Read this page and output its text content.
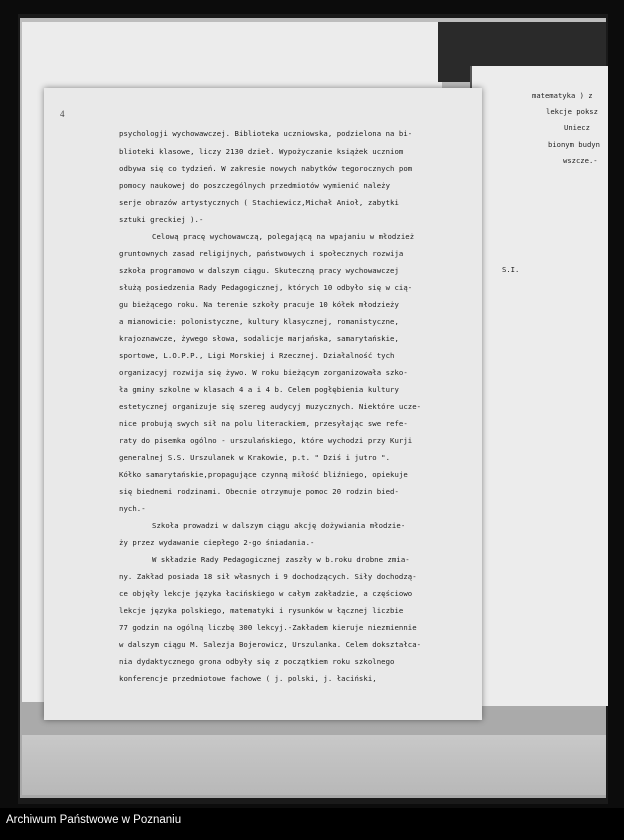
matematyka ) z
lekcje poksz
Uniecz
bionym budyn
wszcze.-
S.I.
4
psychologji wychowawczej. Biblioteka uczniowska, podzielona na bi-
blioteki klasowe, liczy 2130 dzieł. Wypożyczanie książek uczniom
odbywa się co tydzień. W zakresie nowych nabytków tegorocznych pom
pomocy naukowej do poszczególnych przedmiotów wymienić należy
serje obrazów artystycznych ( Stachiewicz,Michał Anioł, zabytki
sztuki greckiej ).-
Celową pracę wychowawczą, polegającą na wpajaniu w młodzież
gruntownych zasad religijnych, państwowych i społecznych rozwija
szkoła programowo w dalszym ciągu. Skuteczną pracy wychowawczej
służą posiedzenia Rady Pedagogicznej, których 10 odbyło się w cią-
gu bieżącego roku. Na terenie szkoły pracuje 10 kółek młodzieży
a mianowicie: polonistyczne, kultury klasycznej, romanistyczne,
krajoznawcze, żywego słowa, sodalicje marjańska, samarytańskie,
sportowe, L.O.P.P., Ligi Morskiej i Rzecznej. Działalność tych
organizacyj rozwija się żywo. W roku bieżącym zorganizowała szko-
ła gminy szkolne w klasach 4 a i 4 b. Celem pogłębienia kultury
estetycznej organizuje się szereg audycyj muzycznych. Niektóre ucze-
nice probują swych sił na polu literackiem, przesyłając swe refe-
raty do pisemka ogólno - urszulańskiego, które wychodzi przy Kurji
generalnej S.S. Urszulanek w Krakowie, p.t. " Dziś i jutro ".
Kółko samarytańskie,propagujące czynną miłość bliźniego, opiekuje
się biednemi rodzinami. Obecnie otrzymuje pomoc 20 rodzin bied-
nych.-
Szkoła prowadzi w dalszym ciągu akcję dożywiania młodzie-
ży przez wydawanie ciepłego 2-go śniadania.-
W składzie Rady Pedagogicznej zaszły w b.roku drobne zmia-
ny. Zakład posiada 18 sił własnych i 9 dochodzących. Siły dochodzą-
ce objęły lekcje języka łacińskiego w całym zakładzie, a częściowo
lekcje języka polskiego, matematyki i rysunków w łącznej liczbie
77 godzin na ogólną liczbę 300 lekcyj.-Zakładem kieruje niezmiennie
w dalszym ciągu M. Salezja Bojerowicz, Urszulanka. Celem dokształca-
nia dydaktycznego grona odbyły się z początkiem roku szkolnego
konferencje przedmiotowe fachowe ( j. polski, j. łaciński,
Archiwum Państwowe w Poznaniu
